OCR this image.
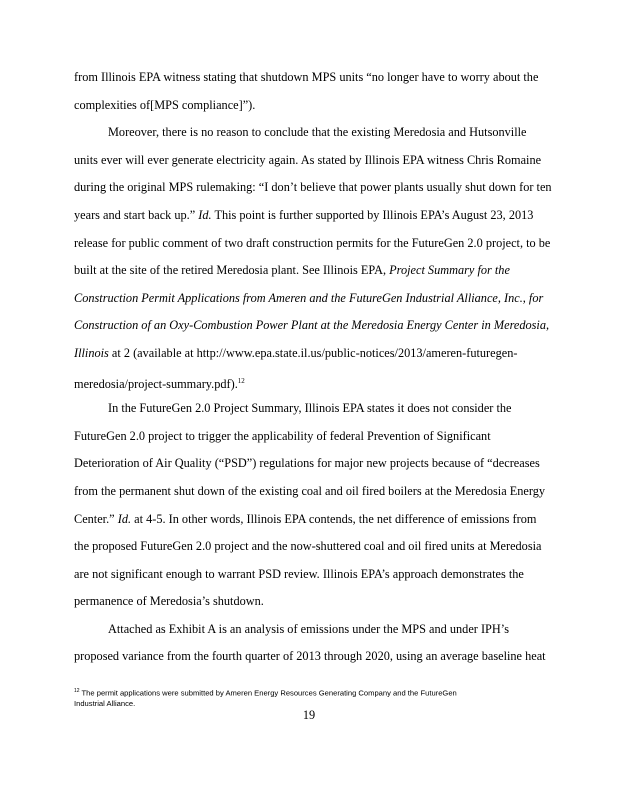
from Illinois EPA witness stating that shutdown MPS units “no longer have to worry about the
complexities of[MPS compliance]”).
Moreover, there is no reason to conclude that the existing Meredosia and Hutsonville
units ever will ever generate electricity again. As stated by Illinois EPA witness Chris Romaine
during the original MPS rulemaking: “I don’t believe that power plants usually shut down for ten
years and start back up.” Id. This point is further supported by Illinois EPA’s August 23, 2013
release for public comment of two draft construction permits for the FutureGen 2.0 project, to be
built at the site of the retired Meredosia plant. See Illinois EPA, Project Summary for the
Construction Permit Applications from Ameren and the FutureGen Industrial Alliance, Inc., for
Construction of an Oxy-Combustion Power Plant at the Meredosia Energy Center in Meredosia,
Illinois at 2 (available at http://www.epa.state.il.us/public-notices/2013/ameren-futuregen-
meredosia/project-summary.pdf).$^{12}$
In the FutureGen 2.0 Project Summary, Illinois EPA states it does not consider the
FutureGen 2.0 project to trigger the applicability of federal Prevention of Significant
Deterioration of Air Quality (“PSD”) regulations for major new projects because of “decreases
from the permanent shut down of the existing coal and oil fired boilers at the Meredosia Energy
Center.” Id. at 4-5. In other words, Illinois EPA contends, the net difference of emissions from
the proposed FutureGen 2.0 project and the now-shuttered coal and oil fired units at Meredosia
are not significant enough to warrant PSD review. Illinois EPA’s approach demonstrates the
permanence of Meredosia’s shutdown.
Attached as Exhibit A is an analysis of emissions under the MPS and under IPH’s
proposed variance from the fourth quarter of 2013 through 2020, using an average baseline heat
$^{12}$ The permit applications were submitted by Ameren Energy Resources Generating Company and the FutureGen
Industrial Alliance.
19
